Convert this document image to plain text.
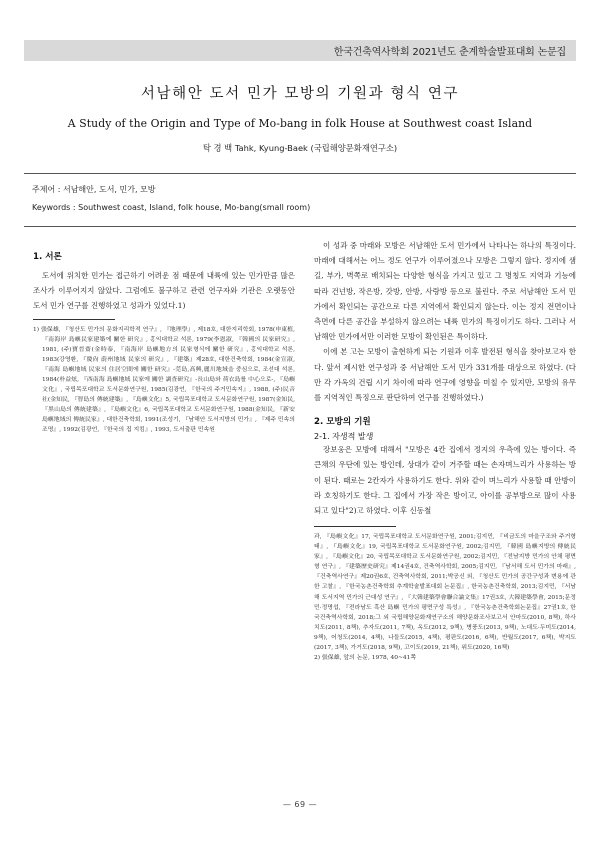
한국건축역사학회 2021년도 춘계학술발표대회 논문집
서남해안 도서 민가 모방의 기원과 형식 연구
A Study of the Origin and Type of Mo-bang in folk House at Southwest coast Island
탁 경 백 Tahk, Kyung-Baek (국립해양문화재연구소)
주제어 : 서남해안, 도서, 민가, 모방
Keywords : Southwest coast, Island, folk house, Mo-bang(small room)
1. 서론

도서에 위치한 민가는 접근하기 어려운 점 때문에 내륙에 있는 민가만큼 많은 조사가 이루어지지 않았다. 그럼에도 불구하고 관련 연구자와 기관은 오랫동안 도서 민가 연구를 진행하였고 성과가 있었다.1)

1) 張保雄, 『청산도 민가의 문화지리학적 연구』, 『地理學』, 제18호, 대한지리학회, 1978(申東植, 『南海岸 島嶼民家建築에 關한 研究』, 홍익대학교 석론, 1979(李恩淑, 『韓國의 民家研究』, 1981, (주)寶晉齋(金時泰, 『南海岸 島嶼地方의 民家형식에 關한 研究』, 홍익대학교 석론, 1983(강영환, 『慶尙 蔚州地域 民家의 研究』, 『建築』제28호, 대한건축학회, 1984(金宣淑, 『南海 島嶼地域 民家의 住居空間에 關한 研究』-莞島,高興,麗川地域을 중심으로, 조선대 석론, 1984(朴益炫, 『西南海 島嶼地域 民家에 關한 調査研究』-長山島와 荷衣島를 中心으로-, 『島嶼文化』, 국립목포대학교 도서문화연구원, 1985(김광언, 『한국의 주거민속지』, 1988, (주)民音社(金知民, 『智島의 傳統建築』, 『島嶼文化』5, 국립목포대학교 도서문화연구원, 1987(金知民, 『黑山島의 傳統建築』, 『島嶼文化』6, 국립목포대학교 도서문화연구원, 1988(金知民, 『新安 島嶼地域의 傳統民家』, 대한건축학회, 1991(조성기, 『남해안 도서지방의 민가』, 『제주 민속의 조명』, 1992(김광언, 『한국의 집 지킴』, 1993, 도서출판 민속원

이 성과 중 마래와 모방은 서남해안 도서 민가에서 나타나는 하나의 특징이다. 마래에 대해서는 어느 정도 연구가 이루어졌으나 모방은 그렇지 않다. 정지에 샘길, 부가, 벽쪽로 배치되는 다양한 형식을 가지고 있고 그 명칭도 지역과 기능에 따라 건넌방, 작은방, 갓방, 안방, 사랑방 등으로 불린다. 주로 서남해안 도서 민가에서 확인되는 공간으로 다른 지역에서 확인되지 않는다. 이는 정지 전면이나 측면에 다른 공간을 부설하지 않으려는 내륙 민가의 특징이기도 하다. 그러나 서남해안 민가에서만 이러한 모방이 확인된은 특이하다.

이에 본 고는 모방이 출현하게 되는 기원과 이후 발전된 형식을 찾아보고자 한다. 앞서 제시한 연구성과 중 서남해안 도서 민가 331개를 대상으로 하였다. (다만 각 가옥의 건립 시기 차이에 따라 연구에 영향을 미칠 수 있지만, 모방의 유무를 지역적인 특징으로 판단하여 연구를 진행하였다.)

2. 모방의 기원
2-1. 자생적 발생

장보웅은 모방에 대해서 "모방은 4칸 집에서 정지의 우측에 있는 방이다. 즉 큰채의 우단에 있는 방인데, 상대가 같이 거주할 때는 손자며느리가 사용하는 방이 된다. 때로는 2칸자가 사용하기도 한다. 위와 같이 며느리가 사용할 때 안방이라 호칭하기도 한다. 그 집에서 가장 작은 방이고, 아이를 공부방으로 많이 사용되고 있다"2)고 하였다. 이후 신동철

과, 『島嶼文化』17, 국립목포대학교 도서문화연구원, 2001;김지민, 『비금도의 마을구조와 주거형태』, 『島嶼文化』19, 국립목포대학교 도서문화연구원, 2002;김지민, 『韓國 島嶼지방의 傳統民家』, 『島嶼文化』20, 국립목포대학교 도서문화연구원, 2002;김지민, 『전남지방 민가의 안채 평면형 연구』, 『建築歷史研究』제14권4호, 건축역사학회, 2005;김지민, 『남서해 도서 민가의 마래』, 『건축역사연구』제20권6호, 건축역사학회, 2011;박공신 외, 『청산도 민가의 공간구성과 변용에 관한 고찰』, 『한국농촌건축학회 추계학술발표대회 논문집』, 한국농촌건축학회, 2013;김지민, 『서남해 도서지역 민가의 근대성 연구』, 『大韓建築學會聯合論文集』17권3호, 大韓建築學會, 2015;문정민·정명섭, 『전라남도 흑산 島嶼 민가의 평면구성 특성』, 『한국농촌건축학회논문집』27권1호, 한국건축역사학회, 2018;그 외 국립해양문화재연구소의 해양문화조사보고서 안마도(2010, 8책), 하사치도(2011, 8책), 추자도(2011, 7책), 옥도(2012, 9책), 병풍도(2013, 9책), 노대도·두미도(2014, 9책), 어청도(2014, 4책), 나들도(2015, 4책), 평판도(2016, 6책), 반월도(2017, 6책), 박지도(2017, 3책), 가거도(2018, 9책), 고이도(2019, 21책), 위도(2020, 16책)

2) 張保雄, 앞의 논문, 1978, 40~41쪽

— 69 —
